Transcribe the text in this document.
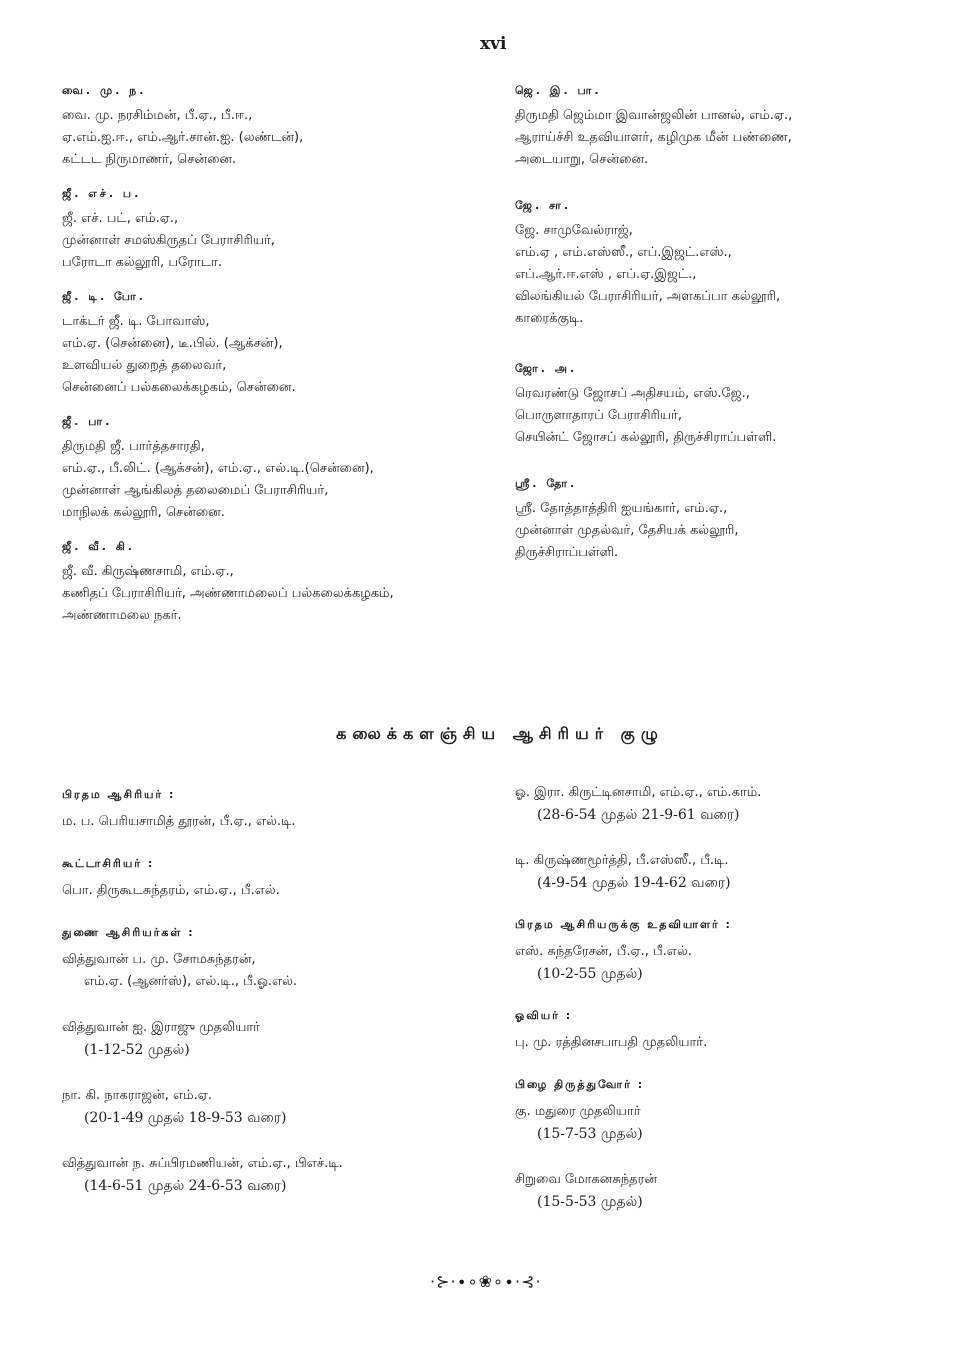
xvi
வை. மு. ந.
வை. மு. நரசிம்மன், பீ.ஏ., பீ.ஈ.,
ஏ.எம்.ஐ.ஈ., எம்.ஆர்.சான்.ஐ. (லண்டன்),
கட்டட நிருமாணர், சென்னை.
ஜீ. எச். ப.
ஜீ. எச். பட், எம்.ஏ.,
முன்னாள் சமஸ்கிருதப் பேராசிரியர்,
பரோடா கல்லூரி, பரோடா.
ஜீ. டி. போ.
டாக்டர் ஜீ. டி. போவாஸ்,
எம்.ஏ. (சென்னை), டீ.பில். (ஆக்சன்),
உளவியல் துறைத் தலைவர்,
சென்னைப் பல்கலைக்கழகம், சென்னை.
ஜீ. பா.
திருமதி ஜீ. பார்த்தசாரதி,
எம்.ஏ., பீ.லிட். (ஆக்சன்), எம்.ஏ., எல்.டி.(சென்னை),
முன்னாள் ஆங்கிலத் தலைமைப் பேராசிரியர்,
மாநிலக் கல்லூரி, சென்னை.
ஜீ. வீ. கி.
ஜீ. வீ. கிருஷ்ணசாமி, எம்.ஏ.,
கணிதப் பேராசிரியர், அண்ணாமலைப் பல்கலைக்கழகம்,
அண்ணாமலை நகர்.
ஜெ. இ. பா.
திருமதி ஜெம்மா இவான்ஜலின் பானல், எம்.ஏ.,
ஆராய்ச்சி உதவியாளர், கழிமுக மீன் பண்ணை,
அடையாறு, சென்னை.
ஜே. சா.
ஜே. சாமுவேல்ராஜ்,
எம்.ஏ , எம்.எஸ்ஸீ., எப்.இஜட்.எஸ்.,
எப்.ஆர்.ஈ.எஸ் , எப்.ஏ.இஜட்.,
விலங்கியல் பேராசிரியர், அளகப்பா கல்லூரி,
காரைக்குடி.
ஜோ. அ.
ரெவரண்டு ஜோசப் அதிசயம், எஸ்.ஜே.,
பொருளாதாரப் பேராசிரியர்,
செயின்ட் ஜோசப் கல்லூரி, திருச்சிராப்பள்ளி.
ஸ்ரீ. தோ.
ஸ்ரீ. தோத்தாத்திரி ஐயங்கார், எம்.ஏ.,
முன்னாள் முதல்வர், தேசியக் கல்லூரி,
திருச்சிராப்பள்ளி.
கலைக்களஞ்சிய ஆசிரியர் குழு
பிரதம ஆசிரியர் :
ம. ப. பெரியசாமித் தூரன், பீ.ஏ., எல்.டி.
கூட்டாசிரியர் :
பொ. திருகூடசுந்தரம், எம்.ஏ., பீ.எல்.
துணை ஆசிரியர்கள் :
வித்துவான் ப. மு. சோமசுந்தரன்,
எம்.ஏ. (ஆனர்ஸ்), எல்.டி., பீ.ஓ.எல்.
வித்துவான் ஐ. இராஜு முதலியார்
(1-12-52 முதல்)
நா. கி. நாகராஜன், எம்.ஏ.
(20-1-49 முதல் 18-9-53 வரை)
வித்துவான் ந. சுப்பிரமணியன், எம்.ஏ., பிஎச்.டி.
(14-6-51 முதல் 24-6-53 வரை)
ஓ. இரா. கிருட்டினசாமி, எம்.ஏ., எம்.காம்.
(28-6-54 முதல் 21-9-61 வரை)
டி. கிருஷ்ணமூர்த்தி, பீ.எஸ்ஸீ., பீ.டி.
(4-9-54 முதல் 19-4-62 வரை)
பிரதம ஆசிரியருக்கு உதவியாளர் :
எஸ். சுந்தரேசன், பீ.ஏ., பீ.எல்.
(10-2-55 முதல்)
ஓவியர் :
பு. மு. ரத்தினசபாபதி முதலியார்.
பிழை திருத்துவோர் :
கு. மதுரை முதலியார்
(15-7-53 முதல்)
சிறுவை மோகனசுந்தரன்
(15-5-53 முதல்)
·⊱·∙∘❀∘∙·⊰·
